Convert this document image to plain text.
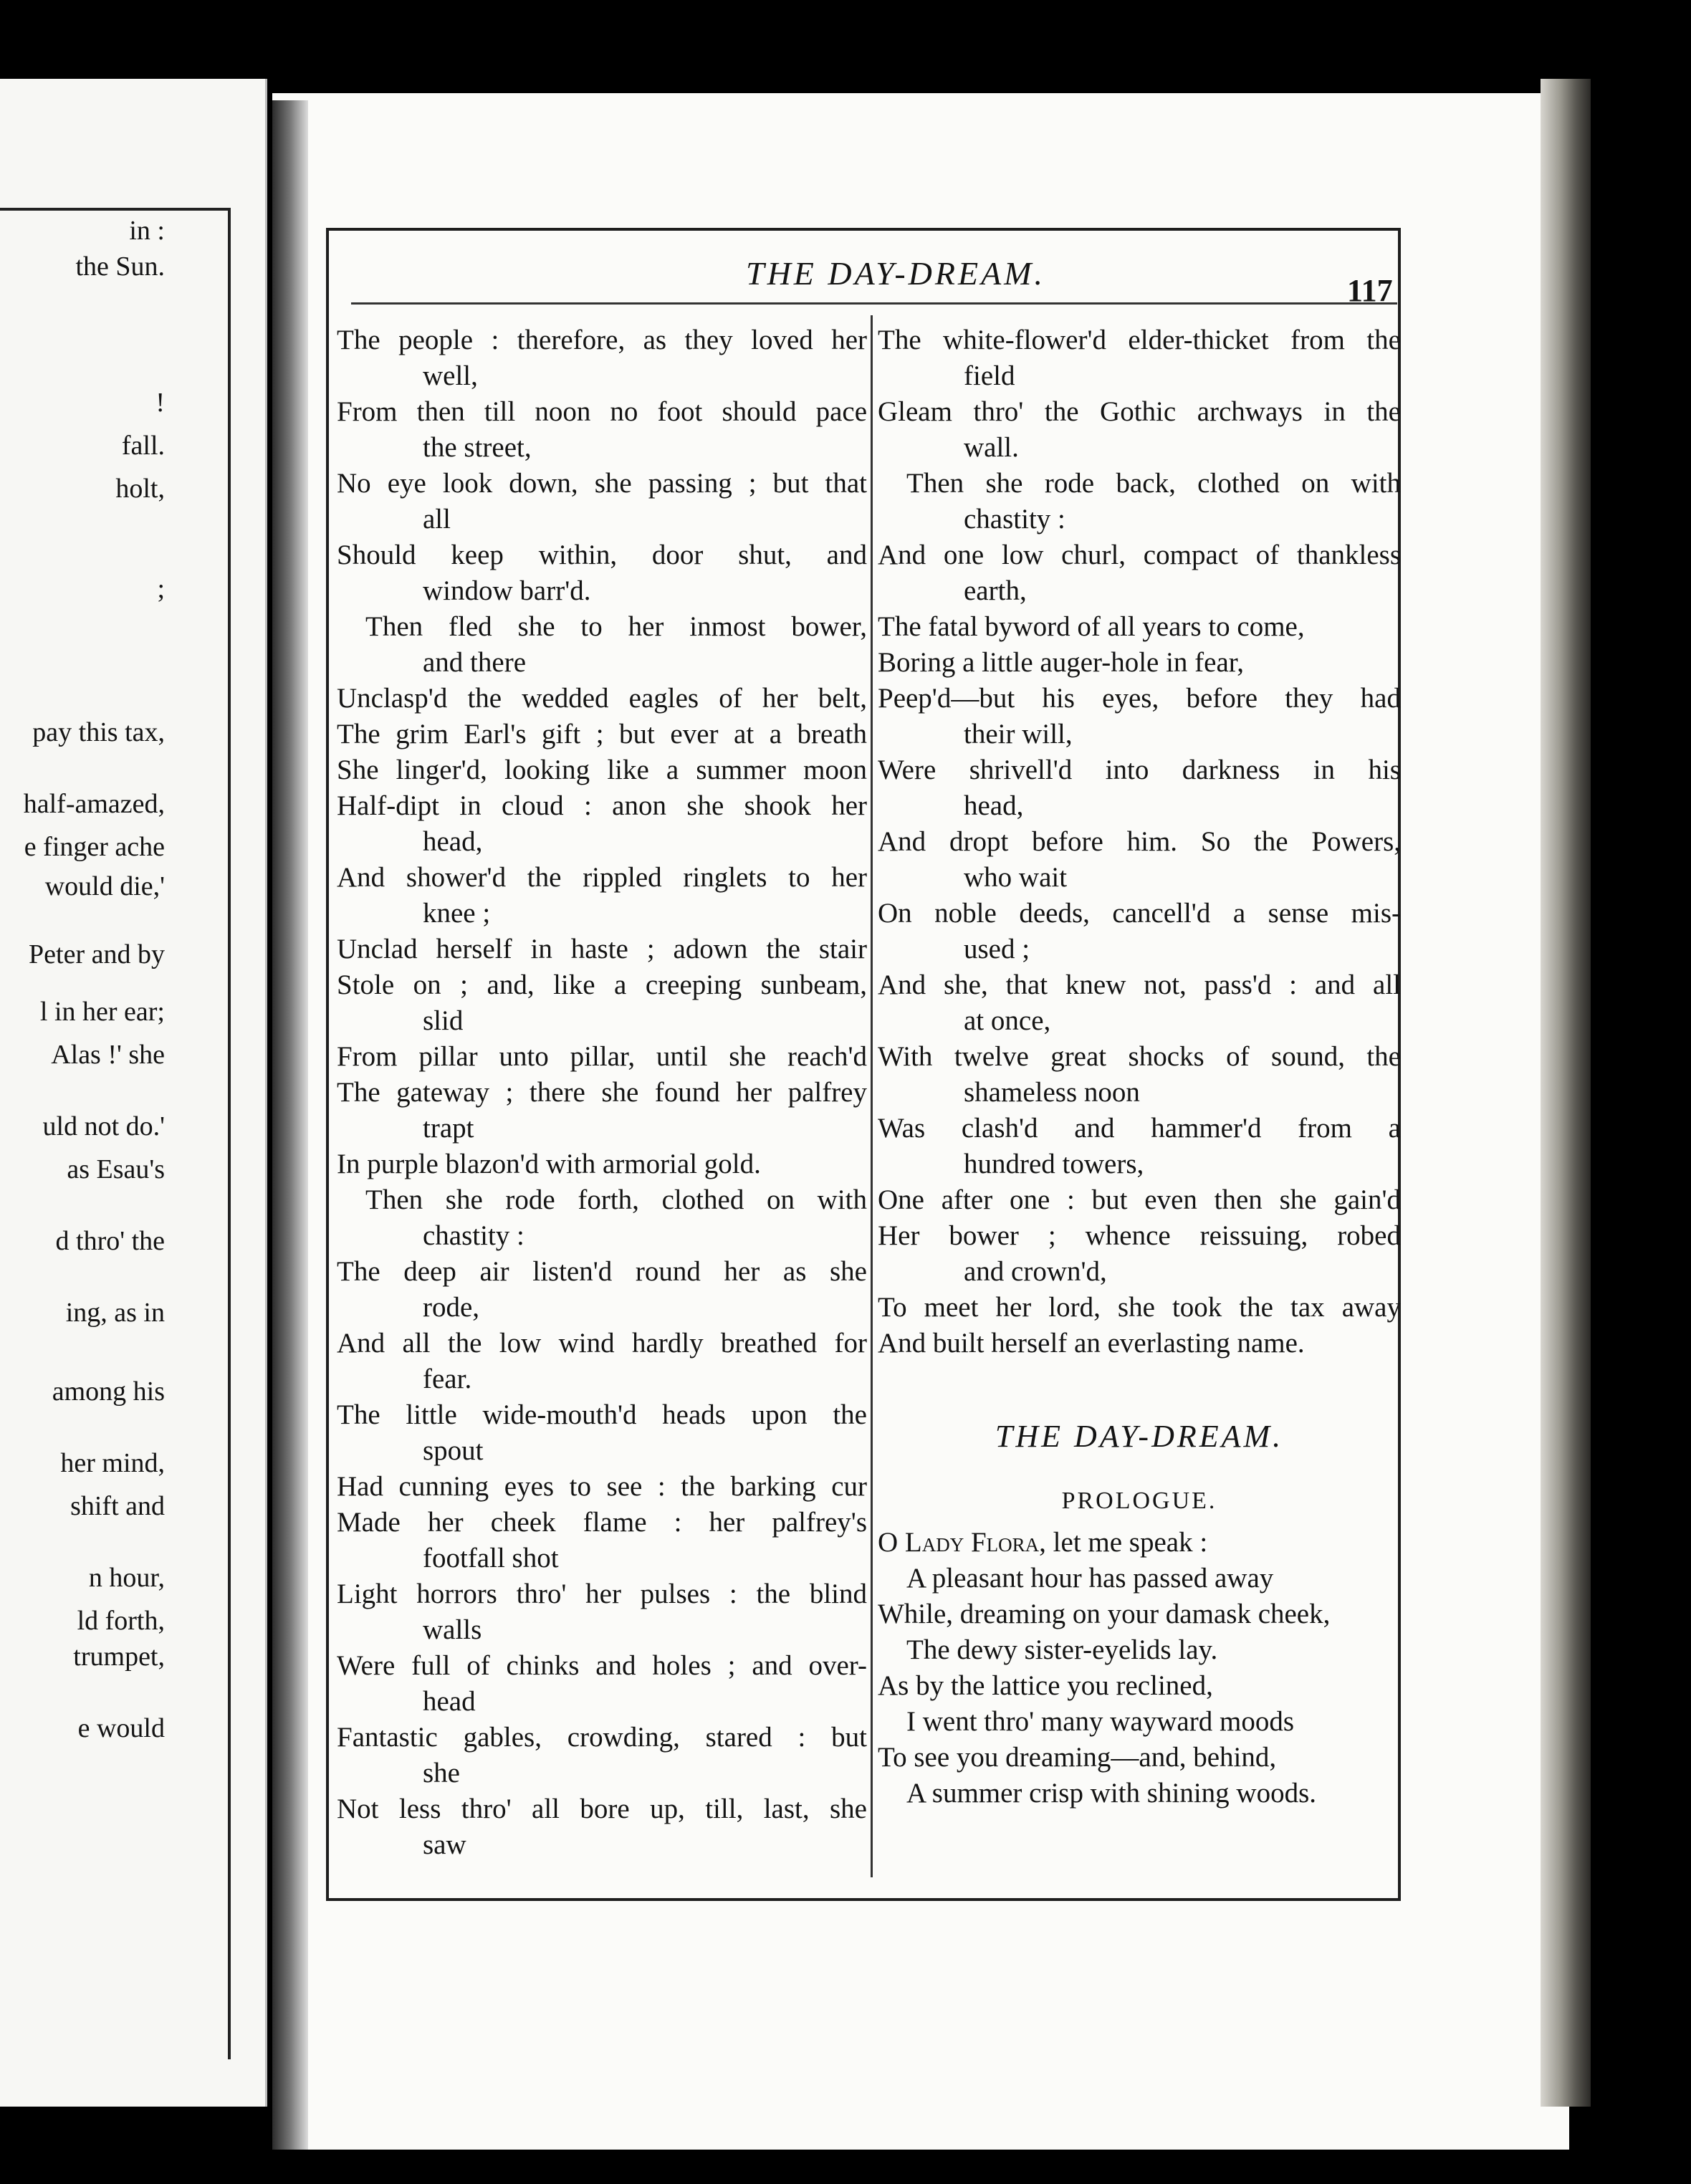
in :
the Sun.
!
fall.
holt,
;
pay this tax,
half-amazed,
e finger ache
would die,'
Peter and by
l in her ear;
Alas !' she
uld not do.'
as Esau's
d thro' the
ing, as in
among his
her mind,
shift and
n hour,
ld forth,
trumpet,
e would
THE DAY-DREAM.	117
The people : therefore, as they loved her
well,
From then till noon no foot should pace
the street,
No eye look down, she passing ; but that
all
Should keep within, door shut, and
window barr'd.
Then fled she to her inmost bower,
and there
Unclasp'd the wedded eagles of her belt,
The grim Earl's gift ; but ever at a breath
She linger'd, looking like a summer moon
Half-dipt in cloud : anon she shook her
head,
And shower'd the rippled ringlets to her
knee ;
Unclad herself in haste ; adown the stair
Stole on ; and, like a creeping sunbeam,
slid
From pillar unto pillar, until she reach'd
The gateway ; there she found her palfrey
trapt
In purple blazon'd with armorial gold.
Then she rode forth, clothed on with
chastity :
The deep air listen'd round her as she
rode,
And all the low wind hardly breathed for
fear.
The little wide-mouth'd heads upon the
spout
Had cunning eyes to see : the barking cur
Made her cheek flame : her palfrey's
footfall shot
Light horrors thro' her pulses : the blind
walls
Were full of chinks and holes ; and over-
head
Fantastic gables, crowding, stared : but
she
Not less thro' all bore up, till, last, she
saw
The white-flower'd elder-thicket from the
field
Gleam thro' the Gothic archways in the
wall.
Then she rode back, clothed on with
chastity :
And one low churl, compact of thankless
earth,
The fatal byword of all years to come,
Boring a little auger-hole in fear,
Peep'd—but his eyes, before they had
their will,
Were shrivell'd into darkness in his
head,
And dropt before him. So the Powers,
who wait
On noble deeds, cancell'd a sense mis-
used ;
And she, that knew not, pass'd : and all
at once,
With twelve great shocks of sound, the
shameless noon
Was clash'd and hammer'd from a
hundred towers,
One after one : but even then she gain'd
Her bower ; whence reissuing, robed
and crown'd,
To meet her lord, she took the tax away
And built herself an everlasting name.
THE DAY-DREAM.
PROLOGUE.
O Lady Flora, let me speak :
A pleasant hour has passed away
While, dreaming on your damask cheek,
The dewy sister-eyelids lay.
As by the lattice you reclined,
I went thro' many wayward moods
To see you dreaming—and, behind,
A summer crisp with shining woods.
